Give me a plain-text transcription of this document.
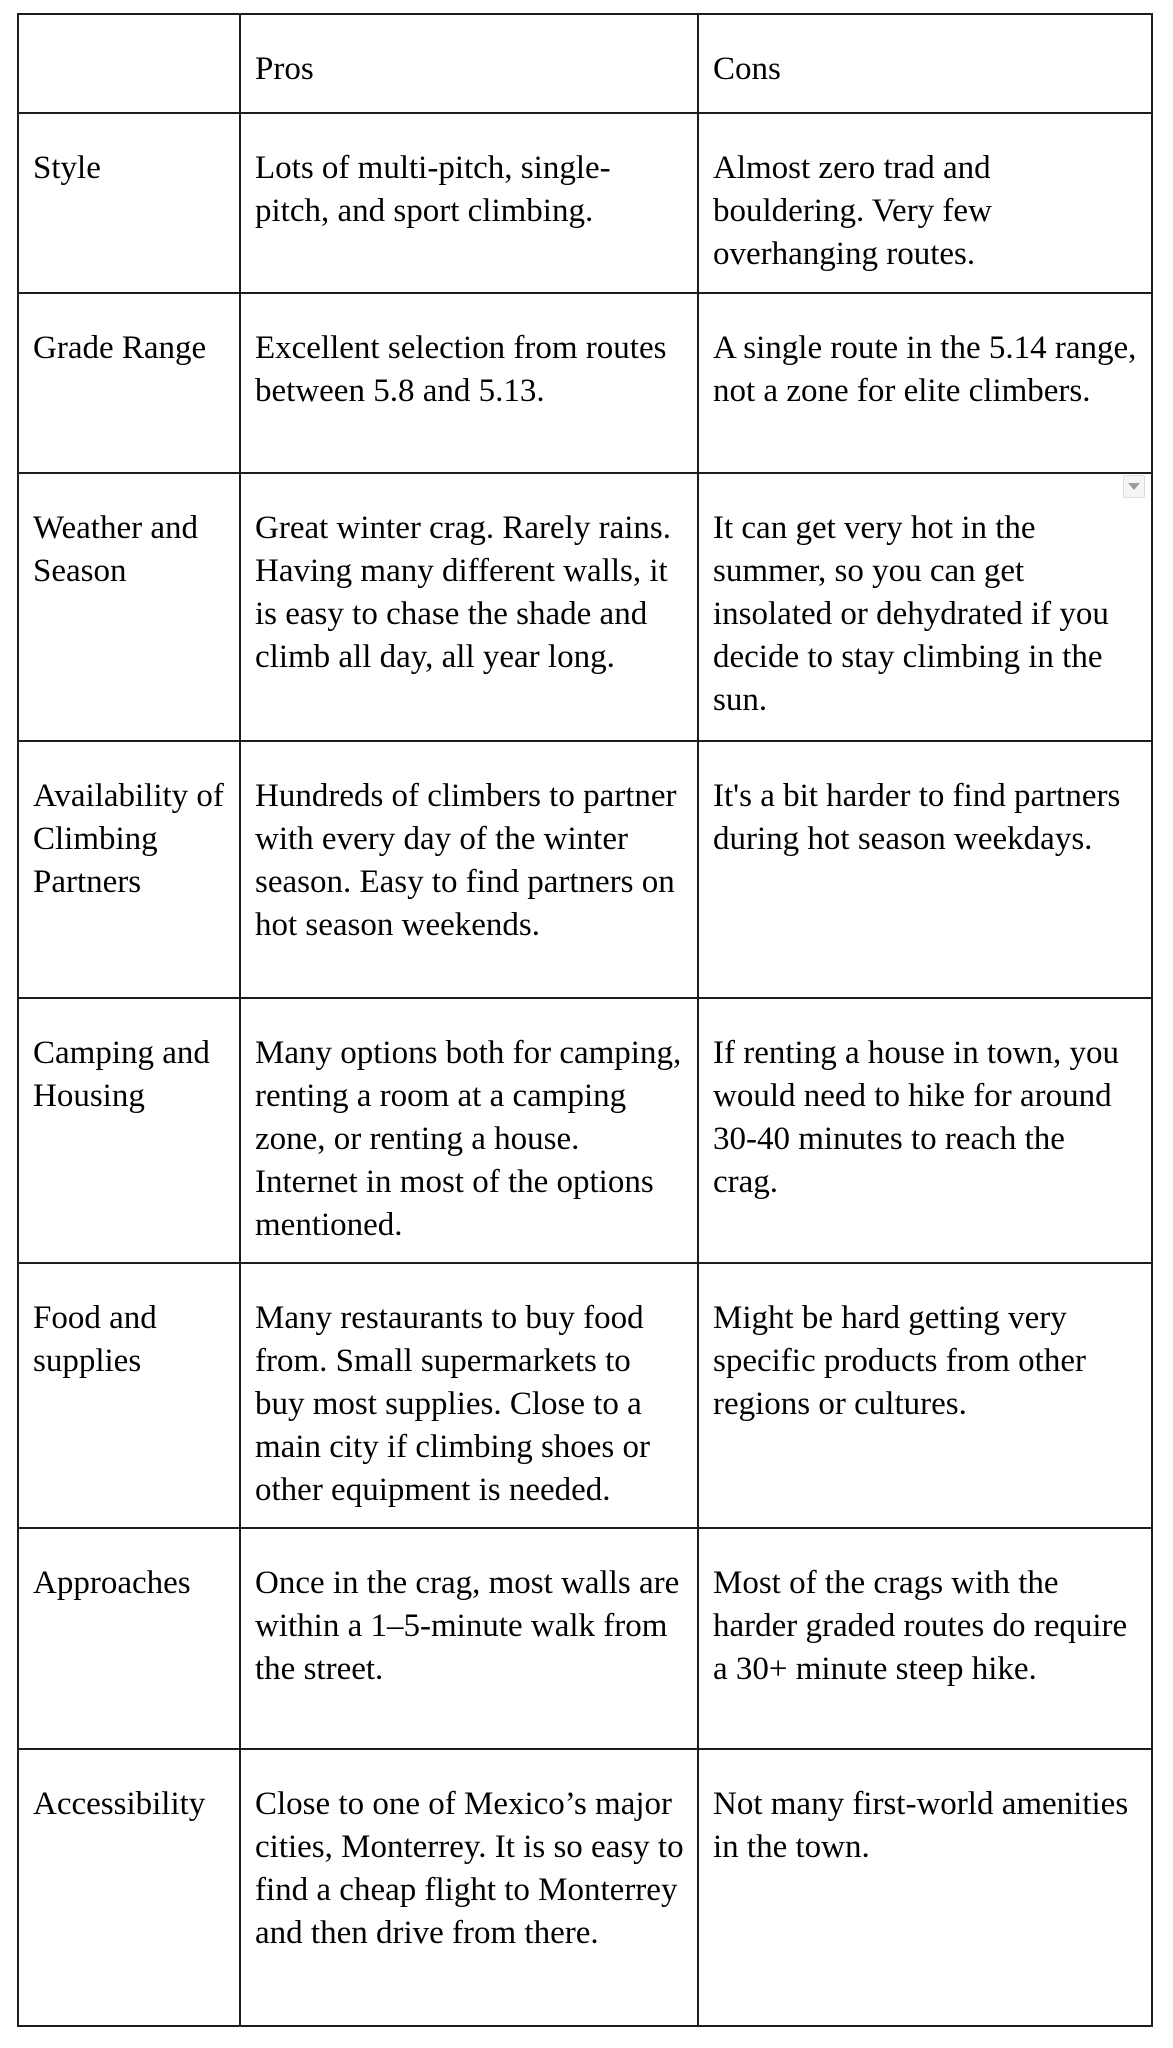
	Pros	Cons
Style	Lots of multi-pitch, single-pitch, and sport climbing.	Almost zero trad and bouldering. Very few overhanging routes.
Grade Range	Excellent selection from routes between 5.8 and 5.13.	A single route in the 5.14 range, not a zone for elite climbers.
Weather and Season	Great winter crag. Rarely rains. Having many different walls, it is easy to chase the shade and climb all day, all year long.	It can get very hot in the summer, so you can get insolated or dehydrated if you decide to stay climbing in the sun.
Availability of Climbing Partners	Hundreds of climbers to partner with every day of the winter season. Easy to find partners on hot season weekends.	It's a bit harder to find partners during hot season weekdays.
Camping and Housing	Many options both for camping, renting a room at a camping zone, or renting a house. Internet in most of the options mentioned.	If renting a house in town, you would need to hike for around 30-40 minutes to reach the crag.
Food and supplies	Many restaurants to buy food from. Small supermarkets to buy most supplies. Close to a main city if climbing shoes or other equipment is needed.	Might be hard getting very specific products from other regions or cultures.
Approaches	Once in the crag, most walls are within a 1–5-minute walk from the street.	Most of the crags with the harder graded routes do require a 30+ minute steep hike.
Accessibility	Close to one of Mexico’s major cities, Monterrey. It is so easy to find a cheap flight to Monterrey and then drive from there.	Not many first-world amenities in the town.
